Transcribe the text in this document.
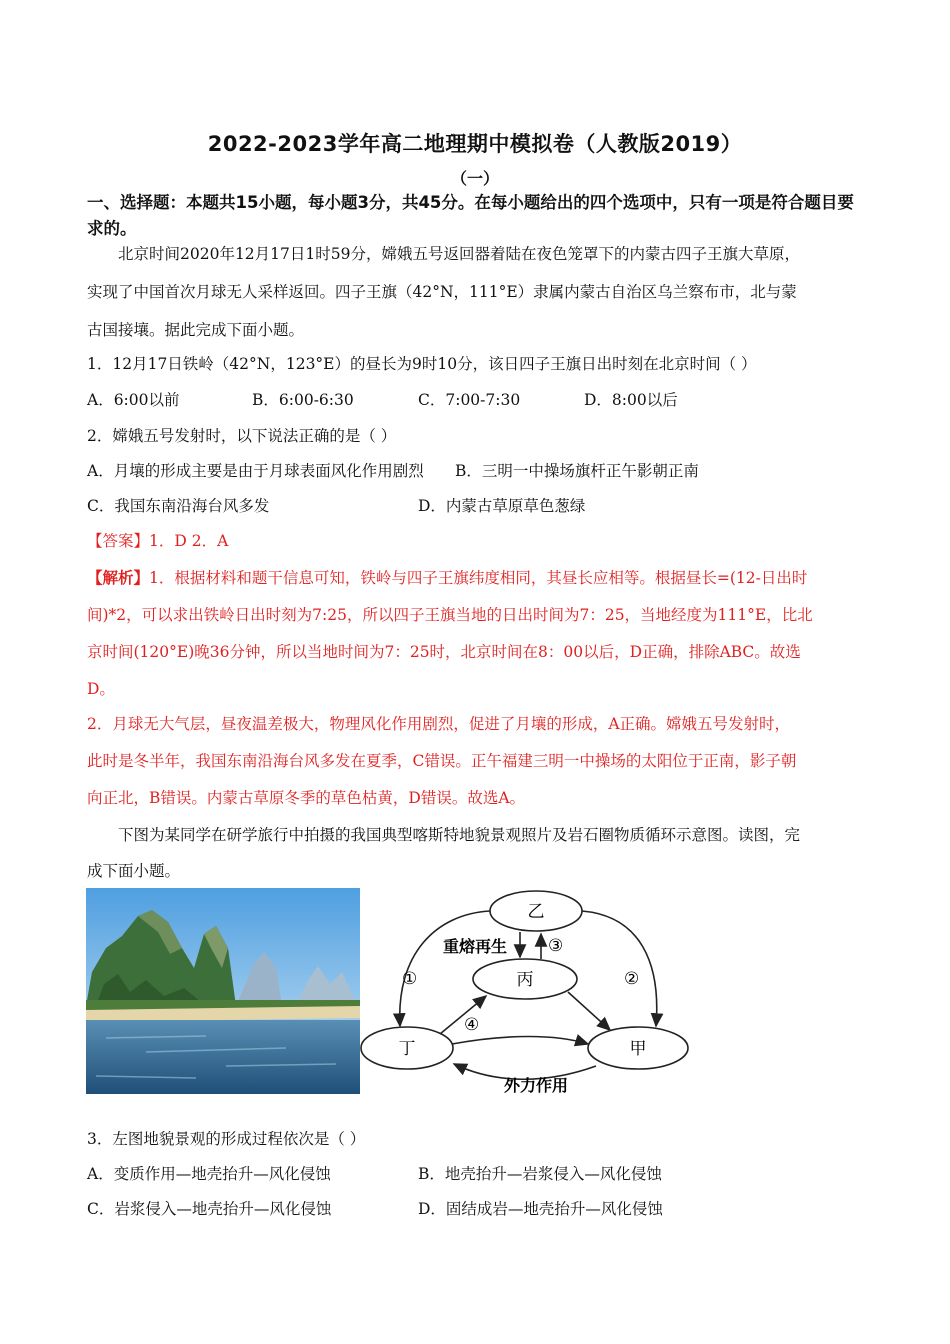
2022-2023学年高二地理期中模拟卷（人教版2019）
（一）
一、选择题：本题共15小题，每小题3分，共45分。在每小题给出的四个选项中，只有一项是符合题目要求的。
北京时间2020年12月17日1时59分，嫦娥五号返回器着陆在夜色笼罩下的内蒙古四子王旗大草原，
实现了中国首次月球无人采样返回。四子王旗（42°N，111°E）隶属内蒙古自治区乌兰察布市，北与蒙
古国接壤。据此完成下面小题。
1．12月17日铁岭（42°N，123°E）的昼长为9时10分，该日四子王旗日出时刻在北京时间（ ）
A．6:00以前	B．6:00-6:30	C．7:00-7:30	D．8:00以后
2．嫦娥五号发射时，以下说法正确的是（ ）
A．月壤的形成主要是由于月球表面风化作用剧烈 B．三明一中操场旗杆正午影朝正南
C．我国东南沿海台风多发	D．内蒙古草原草色葱绿
【答案】1．D 2．A
【解析】1．根据材料和题干信息可知，铁岭与四子王旗纬度相同，其昼长应相等。根据昼长=(12-日出时
间)*2，可以求出铁岭日出时刻为7:25，所以四子王旗当地的日出时间为7：25，当地经度为111°E，比北
京时间(120°E)晚36分钟，所以当地时间为7：25时，北京时间在8：00以后，D正确，排除ABC。故选
D。
2．月球无大气层，昼夜温差极大，物理风化作用剧烈，促进了月壤的形成，A正确。嫦娥五号发射时，
此时是冬半年，我国东南沿海台风多发在夏季，C错误。正午福建三明一中操场的太阳位于正南，影子朝
向正北，B错误。内蒙古草原冬季的草色枯黄，D错误。故选A。
下图为某同学在研学旅行中拍摄的我国典型喀斯特地貌景观照片及岩石圈物质循环示意图。读图，完
成下面小题。
乙
丙
丁	甲
重熔再生
外力作用
①	②
③
④
3．左图地貌景观的形成过程依次是（ ）
A．变质作用—地壳抬升—风化侵蚀	B．地壳抬升—岩浆侵入—风化侵蚀
C．岩浆侵入—地壳抬升—风化侵蚀	D．固结成岩—地壳抬升—风化侵蚀
